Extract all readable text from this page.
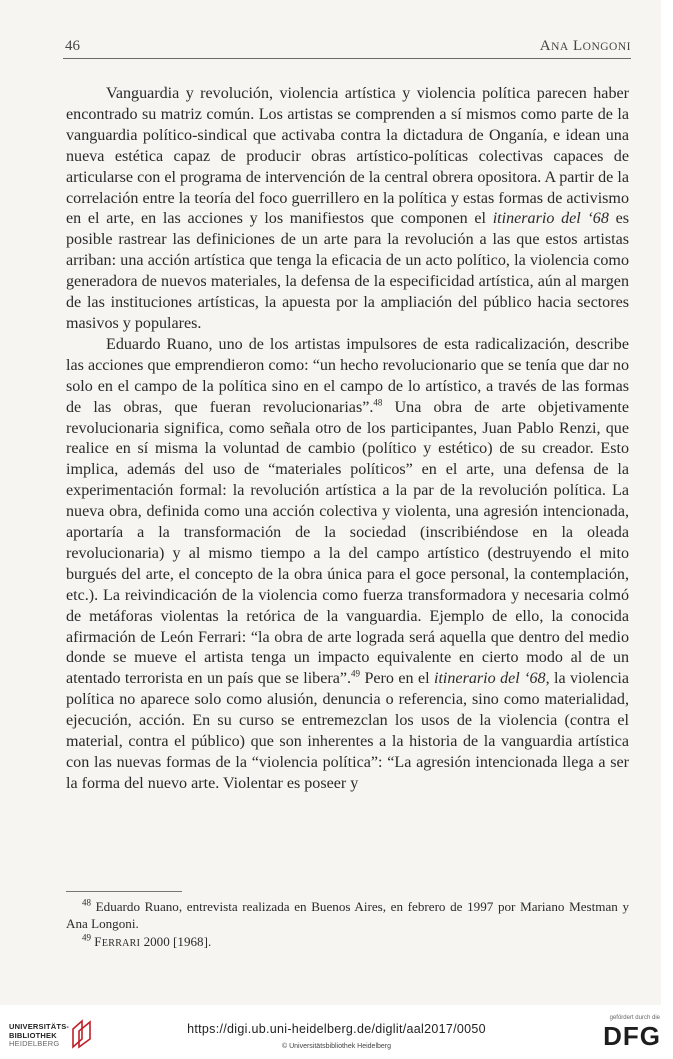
46	ANA LONGONI

Vanguardia y revolución, violencia artística y violencia política parecen haber encontrado su matriz común. Los artistas se comprenden a sí mismos como parte de la vanguardia político-sindical que activaba contra la dictadura de Onganía, e idean una nueva estética capaz de producir obras artístico-políticas colectivas capaces de articularse con el programa de intervención de la central obrera opositora. A partir de la correlación entre la teoría del foco guerrillero en la política y estas formas de activismo en el arte, en las acciones y los manifiestos que componen el itinerario del ‘68 es posible rastrear las definiciones de un arte para la revolución a las que estos artistas arriban: una acción artística que tenga la eficacia de un acto político, la violencia como generadora de nuevos materiales, la defensa de la especificidad artística, aún al margen de las instituciones artísticas, la apuesta por la ampliación del público hacia sectores masivos y populares.

Eduardo Ruano, uno de los artistas impulsores de esta radicalización, describe las acciones que emprendieron como: “un hecho revolucionario que se tenía que dar no solo en el campo de la política sino en el campo de lo artístico, a través de las formas de las obras, que fueran revolucionarias”.$^{48}$ Una obra de arte objetivamente revolucionaria significa, como señala otro de los participantes, Juan Pablo Renzi, que realice en sí misma la voluntad de cambio (político y estético) de su creador. Esto implica, además del uso de “materiales políticos” en el arte, una defensa de la experimentación formal: la revolución artística a la par de la revolución política. La nueva obra, definida como una acción colectiva y violenta, una agresión intencionada, aportaría a la transformación de la sociedad (inscribiéndose en la oleada revolucionaria) y al mismo tiempo a la del campo artístico (destruyendo el mito burgués del arte, el concepto de la obra única para el goce personal, la contemplación, etc.). La reivindicación de la violencia como fuerza transformadora y necesaria colmó de metáforas violentas la retórica de la vanguardia. Ejemplo de ello, la conocida afirmación de León Ferrari: “la obra de arte lograda será aquella que dentro del medio donde se mueve el artista tenga un impacto equivalente en cierto modo al de un atentado terrorista en un país que se libera”.$^{49}$ Pero en el itinerario del ‘68, la violencia política no aparece solo como alusión, denuncia o referencia, sino como materialidad, ejecución, acción. En su curso se entremezclan los usos de la violencia (contra el material, contra el público) que son inherentes a la historia de la vanguardia artística con las nuevas formas de la “violencia política”: “La agresión intencionada llega a ser la forma del nuevo arte. Violentar es poseer y

$^{48}$ Eduardo Ruano, entrevista realizada en Buenos Aires, en febrero de 1997 por Mariano Mestman y Ana Longoni.

$^{49}$ FERRARI 2000 [1968].

UNIVERSITÄTS-
BIBLIOTHEK
HEIDELBERG
https://digi.ub.uni-heidelberg.de/diglit/aal2017/0050
© Universitätsbibliothek Heidelberg
gefördert durch die
DFG
